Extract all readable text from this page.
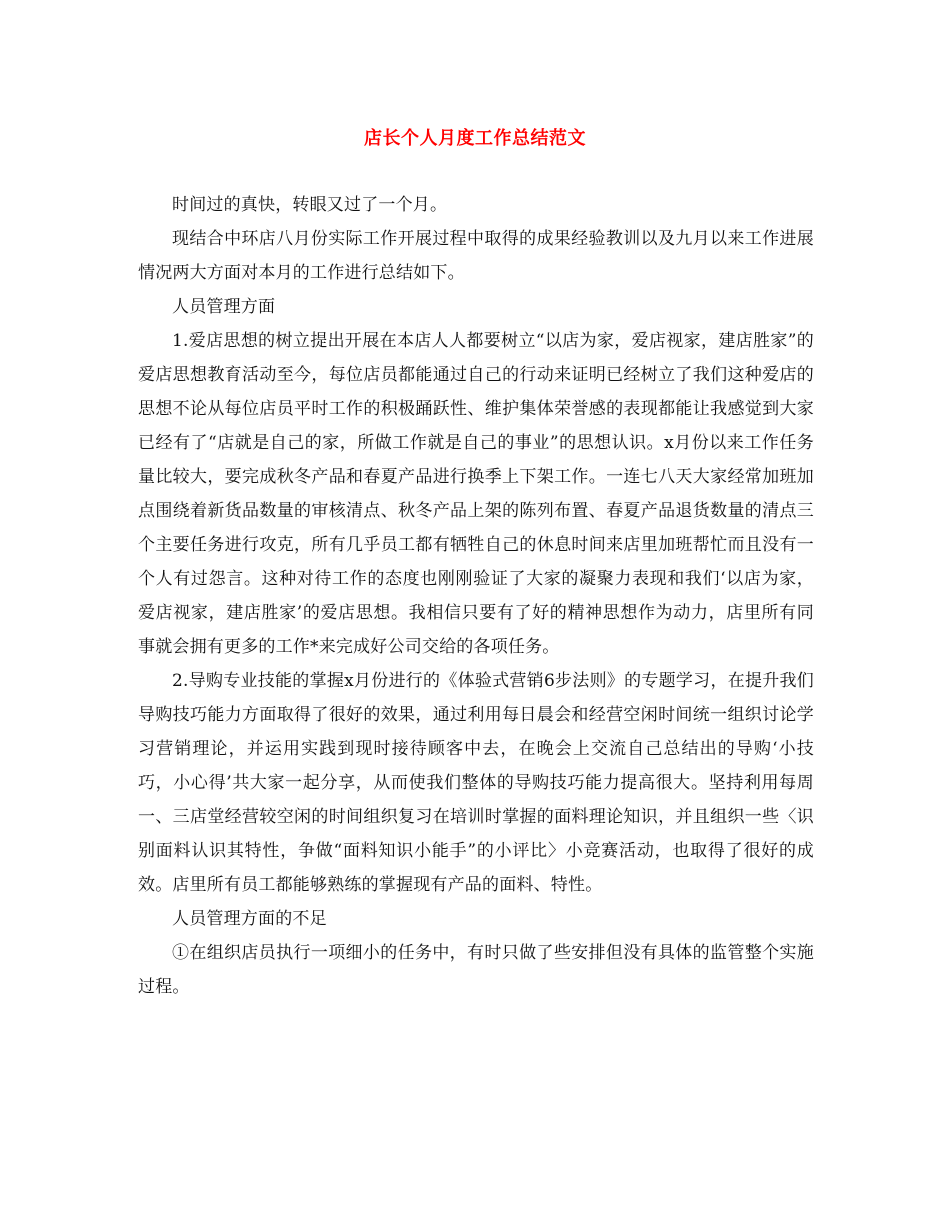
店长个人月度工作总结范文

时间过的真快，转眼又过了一个月。

现结合中环店八月份实际工作开展过程中取得的成果经验教训以及九月以来工作进展情况两大方面对本月的工作进行总结如下。

人员管理方面

1.爱店思想的树立提出开展在本店人人都要树立“以店为家，爱店视家，建店胜家”的爱店思想教育活动至今，每位店员都能通过自己的行动来证明已经树立了我们这种爱店的思想不论从每位店员平时工作的积极踊跃性、维护集体荣誉感的表现都能让我感觉到大家已经有了“店就是自己的家，所做工作就是自己的事业”的思想认识。x月份以来工作任务量比较大，要完成秋冬产品和春夏产品进行换季上下架工作。一连七八天大家经常加班加点围绕着新货品数量的审核清点、秋冬产品上架的陈列布置、春夏产品退货数量的清点三个主要任务进行攻克，所有几乎员工都有牺牲自己的休息时间来店里加班帮忙而且没有一个人有过怨言。这种对待工作的态度也刚刚验证了大家的凝聚力表现和我们‘以店为家，爱店视家，建店胜家’的爱店思想。我相信只要有了好的精神思想作为动力，店里所有同事就会拥有更多的工作*来完成好公司交给的各项任务。

2.导购专业技能的掌握x月份进行的《体验式营销6步法则》的专题学习，在提升我们导购技巧能力方面取得了很好的效果，通过利用每日晨会和经营空闲时间统一组织讨论学习营销理论，并运用实践到现时接待顾客中去，在晚会上交流自己总结出的导购‘小技巧，小心得’共大家一起分享，从而使我们整体的导购技巧能力提高很大。坚持利用每周一、三店堂经营较空闲的时间组织复习在培训时掌握的面料理论知识，并且组织一些〈识别面料认识其特性，争做“面料知识小能手”的小评比〉小竞赛活动，也取得了很好的成效。店里所有员工都能够熟练的掌握现有产品的面料、特性。

人员管理方面的不足

①在组织店员执行一项细小的任务中，有时只做了些安排但没有具体的监管整个实施过程。
